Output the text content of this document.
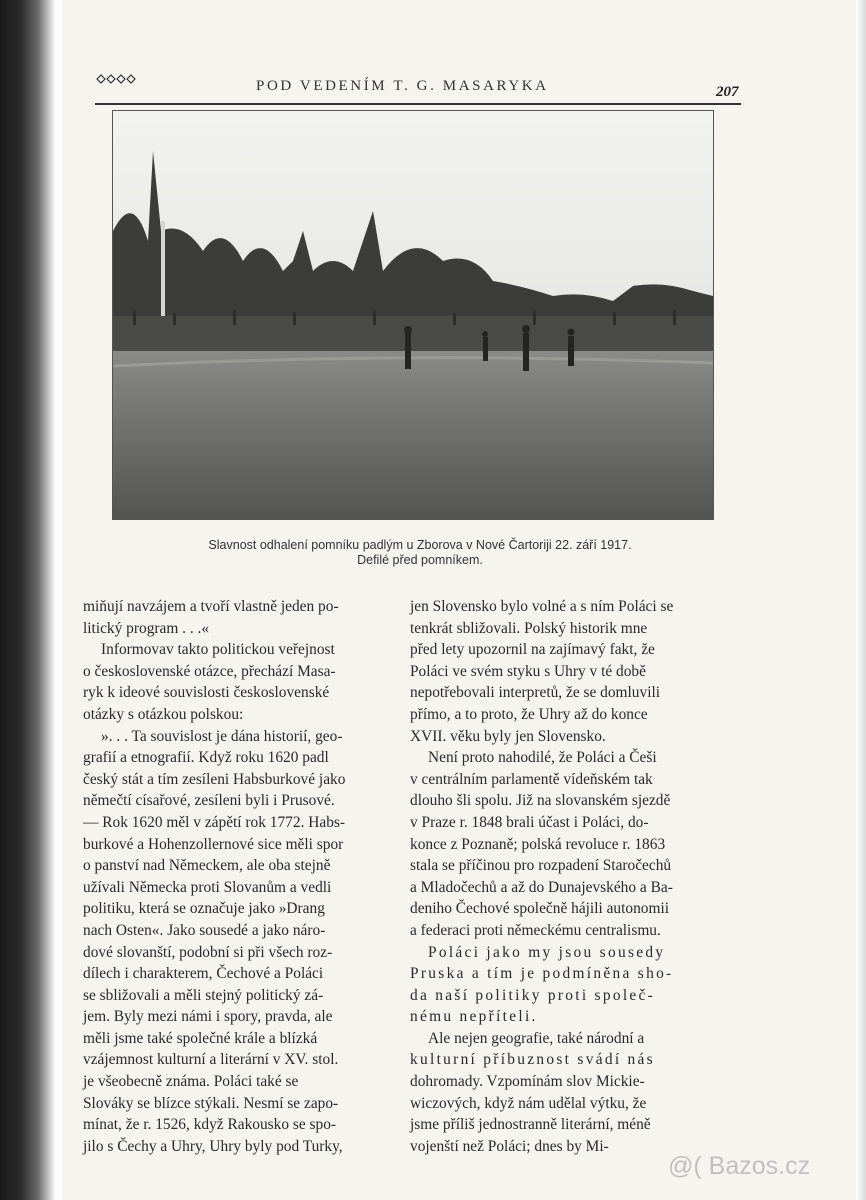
POD VEDENÍM T. G. MASARYKA	207
Slavnost odhalení pomníku padlým u Zborova v Nové Čartoriji 22. září 1917.
Defilé před pomníkem.
miňují navzájem a tvoří vlastně jeden po-
litický program . . .«
Informovav takto politickou veřejnost
o československé otázce, přechází Masa-
ryk k ideové souvislosti československé
otázky s otázkou polskou:
». . . Ta souvislost je dána historií, geo-
grafií a etnografií. Když roku 1620 padl
český stát a tím zesíleni Habsburkové jako
němečtí císařové, zesíleni byli i Prusové.
— Rok 1620 měl v zápětí rok 1772. Habs-
burkové a Hohenzollernové sice měli spor
o panství nad Německem, ale oba stejně
užívali Německa proti Slovanům a vedli
politiku, která se označuje jako »Drang
nach Osten«. Jako sousedé a jako náro-
dové slovanští, podobní si při všech roz-
dílech i charakterem, Čechové a Poláci
se sbližovali a měli stejný politický zá-
jem. Byly mezi námi i spory, pravda, ale
měli jsme také společné krále a blízká
vzájemnost kulturní a literární v XV. stol.
je všeobecně známa. Poláci také se
Slováky se blízce stýkali. Nesmí se zapo-
mínat, že r. 1526, když Rakousko se spo-
jilo s Čechy a Uhry, Uhry byly pod Turky,
jen Slovensko bylo volné a s ním Poláci se
tenkrát sbližovali. Polský historik mne
před lety upozornil na zajímavý fakt, že
Poláci ve svém styku s Uhry v té době
nepotřebovali interpretů, že se domluvili
přímo, a to proto, že Uhry až do konce
XVII. věku byly jen Slovensko.
Není proto nahodilé, že Poláci a Češi
v centrálním parlamentě vídeňském tak
dlouho šli spolu. Již na slovanském sjezdě
v Praze r. 1848 brali účast i Poláci, do-
konce z Poznaně; polská revoluce r. 1863
stala se příčinou pro rozpadení Staročechů
a Mladočechů a až do Dunajevského a Ba-
deniho Čechové společně hájili autonomii
a federaci proti německému centralismu.
Poláci jako my jsou sousedy
Pruska a tím je podmíněna sho-
da naší politiky proti společ-
nému nepříteli.
Ale nejen geografie, také národní a
kulturní příbuznost svádí nás
dohromady. Vzpomínám slov Mickie-
wiczových, když nám udělal výtku, že
jsme příliš jednostranně literární, méně
vojenští než Poláci; dnes by Mi-
@( Bazos.cz
